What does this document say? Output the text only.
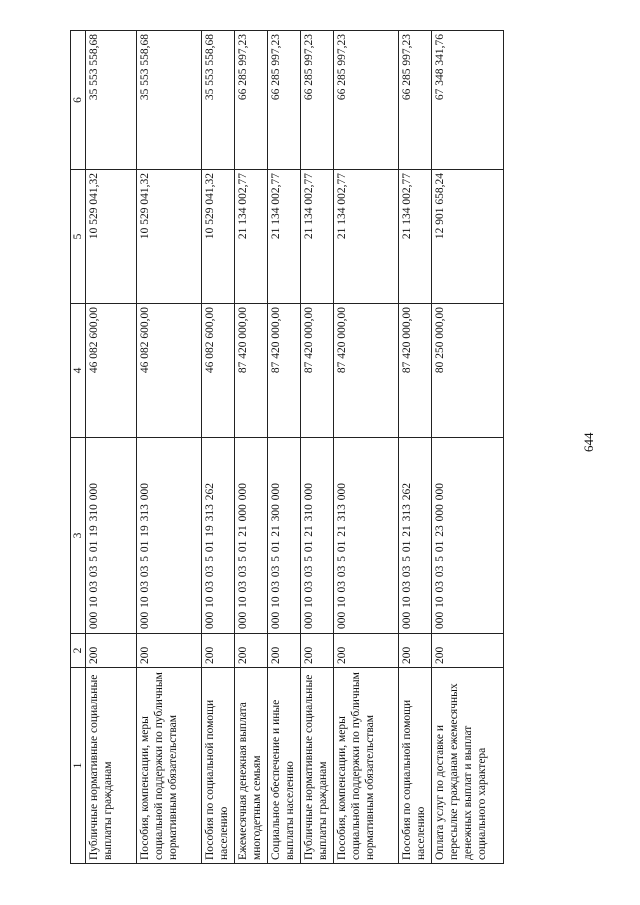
644
1	2	3	4	5	6
Публичные нормативные социальные выплаты гражданам	200	000 10 03 03 5 01 19 310 000	46 082 600,00	10 529 041,32	35 553 558,68
Пособия, компенсации, меры социальной поддержки по публичным нормативным обязательствам	200	000 10 03 03 5 01 19 313 000	46 082 600,00	10 529 041,32	35 553 558,68
Пособия по социальной помощи населению	200	000 10 03 03 5 01 19 313 262	46 082 600,00	10 529 041,32	35 553 558,68
Ежемесячная денежная выплата многодетным семьям	200	000 10 03 03 5 01 21 000 000	87 420 000,00	21 134 002,77	66 285 997,23
Социальное обеспечение и иные выплаты населению	200	000 10 03 03 5 01 21 300 000	87 420 000,00	21 134 002,77	66 285 997,23
Публичные нормативные социальные выплаты гражданам	200	000 10 03 03 5 01 21 310 000	87 420 000,00	21 134 002,77	66 285 997,23
Пособия, компенсации, меры социальной поддержки по публичным нормативным обязательствам	200	000 10 03 03 5 01 21 313 000	87 420 000,00	21 134 002,77	66 285 997,23
Пособия по социальной помощи населению	200	000 10 03 03 5 01 21 313 262	87 420 000,00	21 134 002,77	66 285 997,23
Оплата услуг по доставке и пересылке гражданам ежемесячных денежных выплат и выплат социального характера	200	000 10 03 03 5 01 23 000 000	80 250 000,00	12 901 658,24	67 348 341,76
